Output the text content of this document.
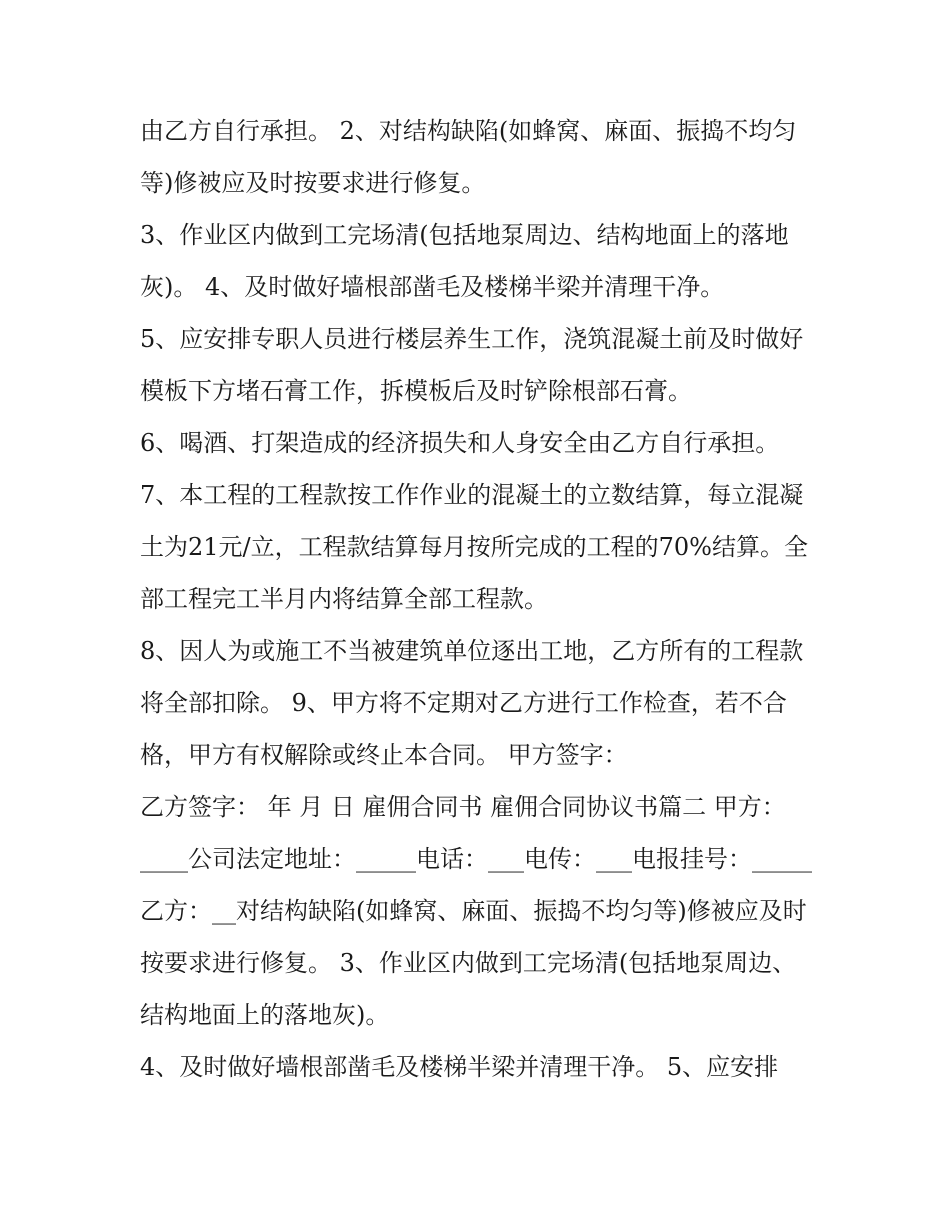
由乙方自行承担。 2、对结构缺陷(如蜂窝、麻面、振捣不均匀等)修被应及时按要求进行修复。

3、作业区内做到工完场清(包括地泵周边、结构地面上的落地灰)。 4、及时做好墙根部凿毛及楼梯半梁并清理干净。

5、应安排专职人员进行楼层养生工作，浇筑混凝土前及时做好模板下方堵石膏工作，拆模板后及时铲除根部石膏。

6、喝酒、打架造成的经济损失和人身安全由乙方自行承担。

7、本工程的工程款按工作作业的混凝土的立数结算，每立混凝土为21元/立，工程款结算每月按所完成的工程的70%结算。全部工程完工半月内将结算全部工程款。

8、因人为或施工不当被建筑单位逐出工地，乙方所有的工程款将全部扣除。 9、甲方将不定期对乙方进行工作检查，若不合格，甲方有权解除或终止本合同。 甲方签字：

乙方签字： 年 月 日 雇佣合同书 雇佣合同协议书篇二 甲方：____公司法定地址：_____电话：___电传：___电报挂号：_____

乙方：__对结构缺陷(如蜂窝、麻面、振捣不均匀等)修被应及时按要求进行修复。 3、作业区内做到工完场清(包括地泵周边、结构地面上的落地灰)。

4、及时做好墙根部凿毛及楼梯半梁并清理干净。 5、应安排
